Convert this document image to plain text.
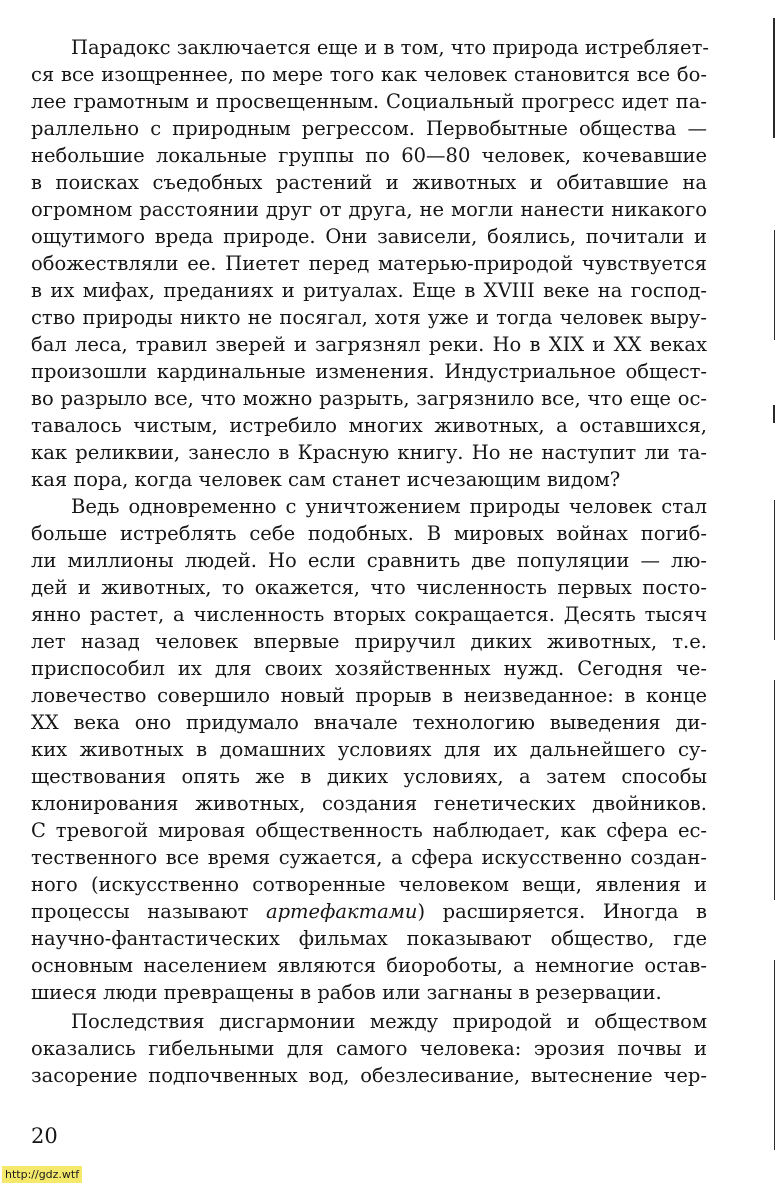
Парадокс заключается еще и в том, что природа истребляет-
ся все изощреннее, по мере того как человек становится все бо-
лее грамотным и просвещенным. Социальный прогресс идет па-
раллельно с природным регрессом. Первобытные общества —
небольшие локальные группы по 60—80 человек, кочевавшие
в поисках съедобных растений и животных и обитавшие на
огромном расстоянии друг от друга, не могли нанести никакого
ощутимого вреда природе. Они зависели, боялись, почитали и
обожествляли ее. Пиетет перед матерью-природой чувствуется
в их мифах, преданиях и ритуалах. Еще в XVIII веке на господ-
ство природы никто не посягал, хотя уже и тогда человек выру-
бал леса, травил зверей и загрязнял реки. Но в XIX и XX веках
произошли кардинальные изменения. Индустриальное общест-
во разрыло все, что можно разрыть, загрязнило все, что еще ос-
тавалось чистым, истребило многих животных, а оставшихся,
как реликвии, занесло в Красную книгу. Но не наступит ли та-
кая пора, когда человек сам станет исчезающим видом?
Ведь одновременно с уничтожением природы человек стал
больше истреблять себе подобных. В мировых войнах погиб-
ли миллионы людей. Но если сравнить две популяции — лю-
дей и животных, то окажется, что численность первых посто-
янно растет, а численность вторых сокращается. Десять тысяч
лет назад человек впервые приручил диких животных, т.е.
приспособил их для своих хозяйственных нужд. Сегодня че-
ловечество совершило новый прорыв в неизведанное: в конце
XX века оно придумало вначале технологию выведения ди-
ких животных в домашних условиях для их дальнейшего су-
ществования опять же в диких условиях, а затем способы
клонирования животных, создания генетических двойников.
С тревогой мировая общественность наблюдает, как сфера ес-
тественного все время сужается, а сфера искусственно создан-
ного (искусственно сотворенные человеком вещи, явления и
процессы называют артефактами) расширяется. Иногда в
научно-фантастических фильмах показывают общество, где
основным населением являются биороботы, а немногие остав-
шиеся люди превращены в рабов или загнаны в резервации.
Последствия дисгармонии между природой и обществом
оказались гибельными для самого человека: эрозия почвы и
засорение подпочвенных вод, обезлесивание, вытеснение чер-
20
http://gdz.wtf
